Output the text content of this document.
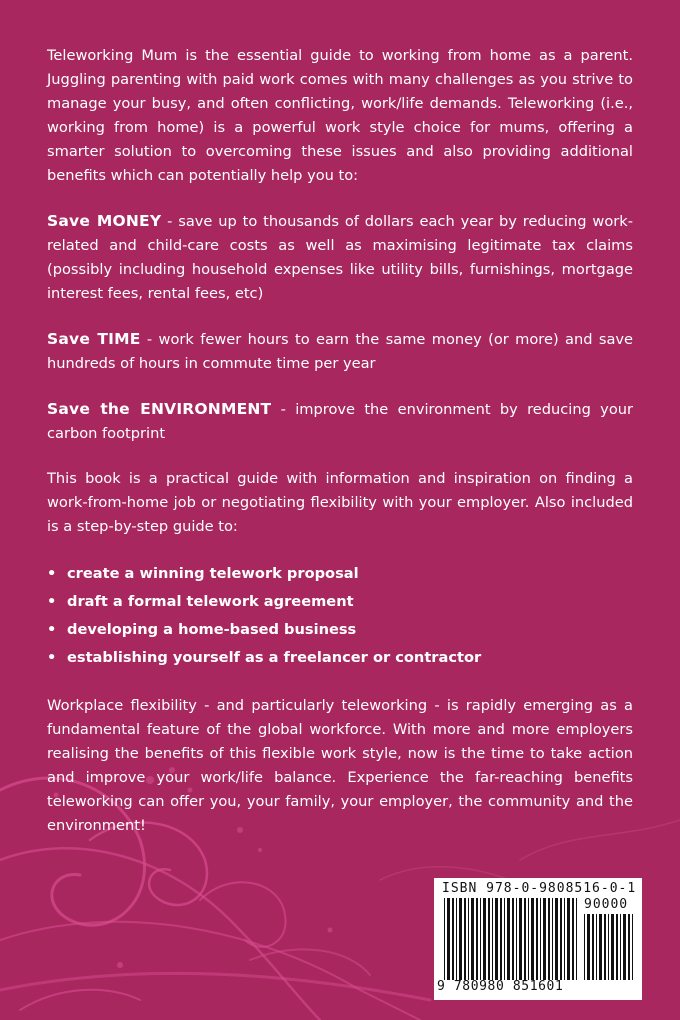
Teleworking Mum is the essential guide to working from home as a parent. Juggling parenting with paid work comes with many challenges as you strive to manage your busy, and often conflicting, work/life demands. Teleworking (i.e., working from home) is a powerful work style choice for mums, offering a smarter solution to overcoming these issues and also providing additional benefits which can potentially help you to:

Save MONEY - save up to thousands of dollars each year by reducing work-related and child-care costs as well as maximising legitimate tax claims (possibly including household expenses like utility bills, furnishings, mortgage interest fees, rental fees, etc)

Save TIME - work fewer hours to earn the same money (or more) and save hundreds of hours in commute time per year

Save the ENVIRONMENT - improve the environment by reducing your carbon footprint

This book is a practical guide with information and inspiration on finding a work-from-home job or negotiating flexibility with your employer. Also included is a step-by-step guide to:

• create a winning telework proposal
• draft a formal telework agreement
• developing a home-based business
• establishing yourself as a freelancer or contractor

Workplace flexibility - and particularly teleworking - is rapidly emerging as a fundamental feature of the global workforce. With more and more employers realising the benefits of this flexible work style, now is the time to take action and improve your work/life balance. Experience the far-reaching benefits teleworking can offer you, your family, your employer, the community and the environment!

ISBN 978-0-9808516-0-1
90000
9 780980 851601
